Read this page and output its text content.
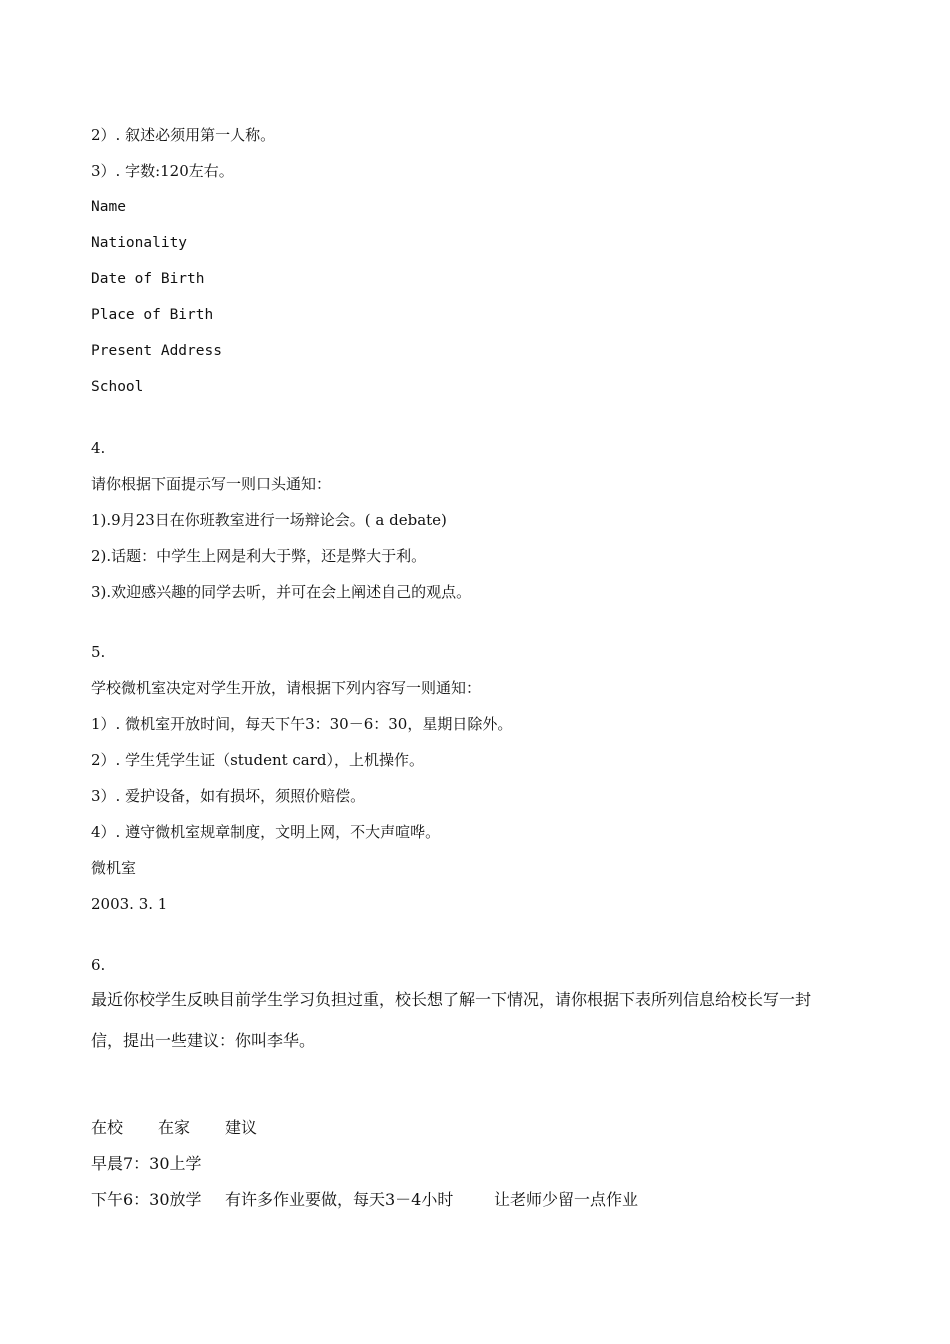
2）. 叙述必须用第一人称。

3）. 字数:120左右。

Name

Nationality

Date of Birth

Place of Birth

Present Address

School

4.

请你根据下面提示写一则口头通知：

1).9月23日在你班教室进行一场辩论会。( a debate)

2).话题：中学生上网是利大于弊，还是弊大于利。

3).欢迎感兴趣的同学去听，并可在会上阐述自己的观点。

5.

学校微机室决定对学生开放，请根据下列内容写一则通知：

1）. 微机室开放时间，每天下午3：30－6：30，星期日除外。

2）. 学生凭学生证（student card），上机操作。

3）. 爱护设备，如有损坏，须照价赔偿。

4）. 遵守微机室规章制度，文明上网，不大声喧哗。

微机室

2003. 3. 1

6.

最近你校学生反映目前学生学习负担过重，校长想了解一下情况，请你根据下表所列信息给校长写一封

信，提出一些建议：你叫李华。

在校 在家 建议
早晨7：30上学
下午6：30放学 有许多作业要做，每天3－4小时	让老师少留一点作业
